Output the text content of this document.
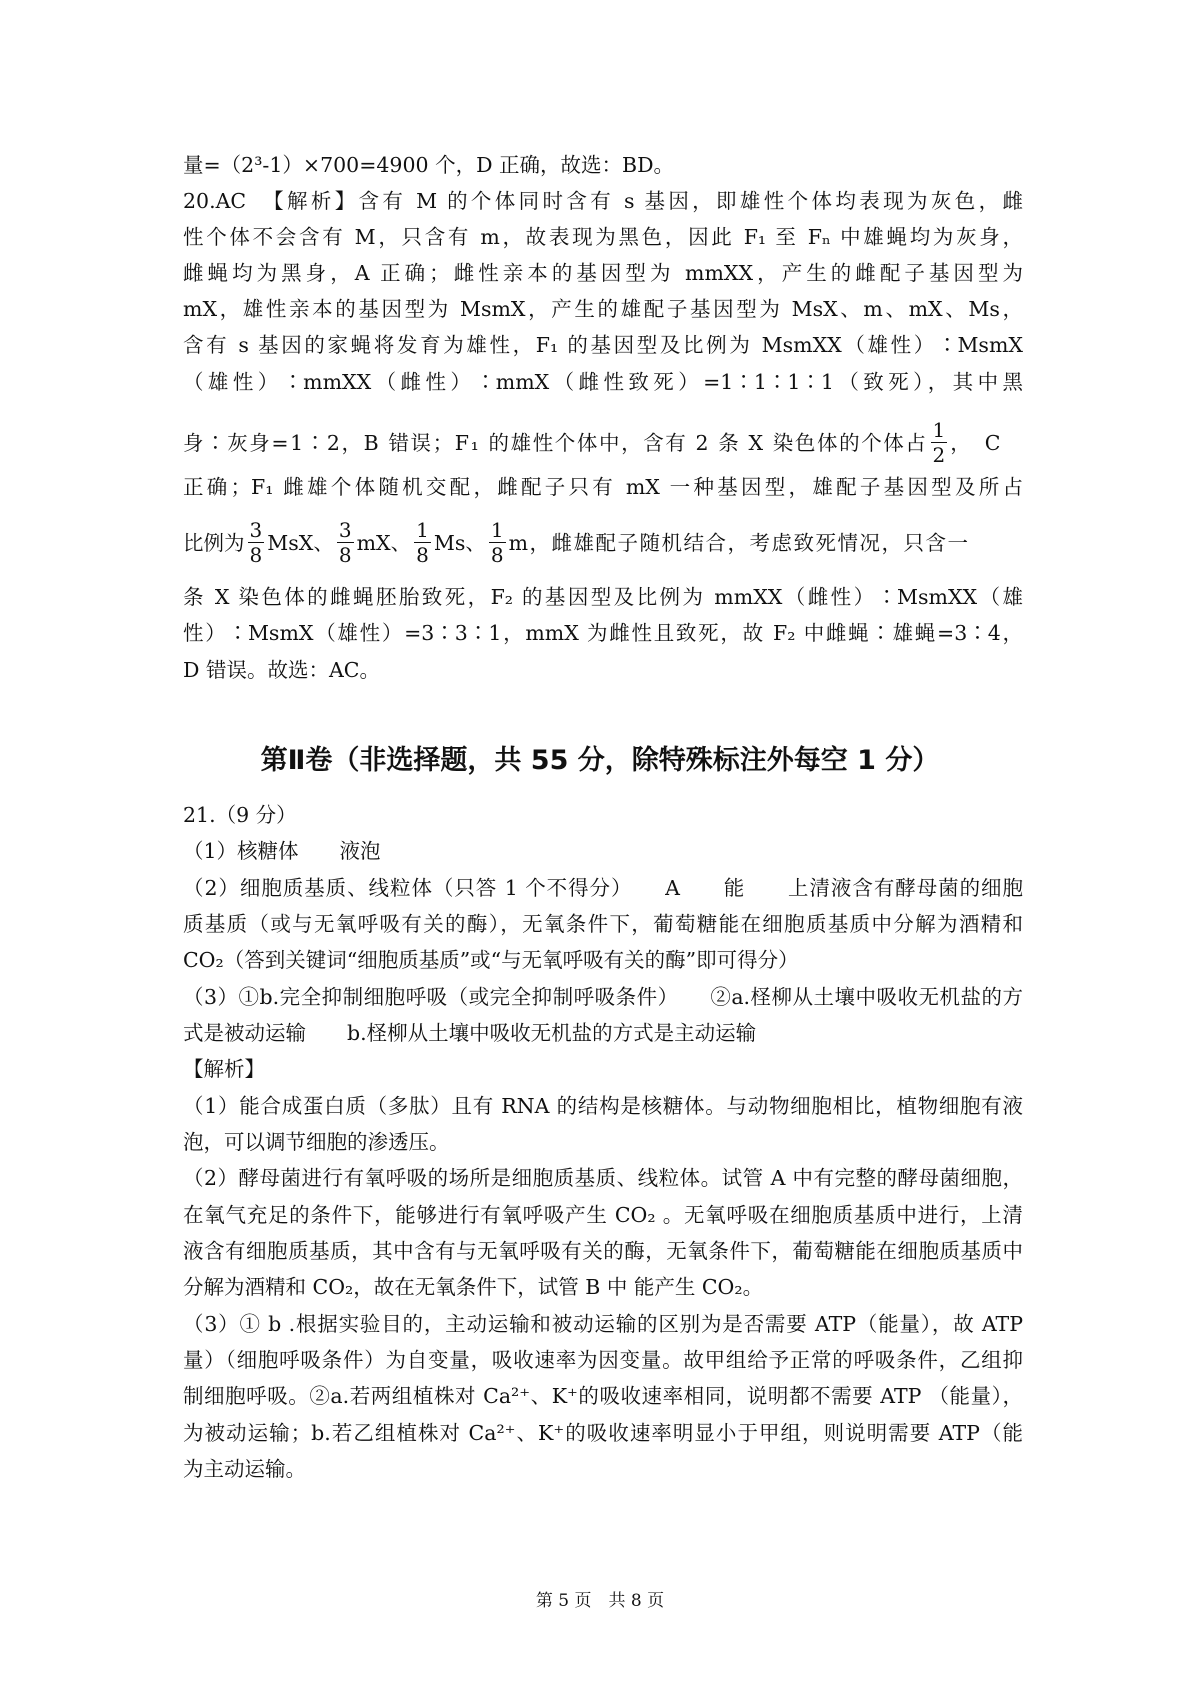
量=（2³-1）×700=4900 个，D 正确，故选：BD。
20.AC　【解析】含有 M 的个体同时含有 s 基因，即雄性个体均表现为灰色，雌
性个体不会含有 M，只含有 m，故表现为黑色，因此 F₁ 至 Fₙ 中雄蝇均为灰身，
雌蝇均为黑身，A 正确；雌性亲本的基因型为 mmXX，产生的雌配子基因型为
mX，雄性亲本的基因型为 MsmX，产生的雄配子基因型为 MsX、m、mX、Ms，
含有 s 基因的家蝇将发育为雄性，F₁ 的基因型及比例为 MsmXX（雄性）∶MsmX
（雄性）∶mmXX（雌性）∶mmX（雌性致死）=1∶1∶1∶1（致死），其中黑
身∶灰身=1∶2，B 错误；F₁ 的雄性个体中，含有 2 条 X 染色体的个体占 $\frac{1}{2}$ ，C
正确；F₁ 雌雄个体随机交配，雌配子只有 mX 一种基因型，雄配子基因型及所占
比例为 $\frac{3}{8}$ MsX、 $\frac{3}{8}$ mX、 $\frac{1}{8}$ Ms、 $\frac{1}{8}$ m，雌雄配子随机结合，考虑致死情况，只含一
条 X 染色体的雌蝇胚胎致死，F₂ 的基因型及比例为 mmXX（雌性）∶MsmXX（雄
性）∶MsmX（雄性）=3∶3∶1，mmX 为雌性且致死，故 F₂ 中雌蝇∶雄蝇=3∶4，
D 错误。故选：AC。
第Ⅱ卷（非选择题，共 55 分，除特殊标注外每空 1 分）
21.（9 分）
（1）核糖体　　液泡
（2）细胞质基质、线粒体（只答 1 个不得分）　　A　　能　　上清液含有酵母菌的细胞
质基质（或与无氧呼吸有关的酶），无氧条件下，葡萄糖能在细胞质基质中分解为酒精和
CO₂（答到关键词“细胞质基质”或“与无氧呼吸有关的酶”即可得分）
（3）①b.完全抑制细胞呼吸（或完全抑制呼吸条件）　　②a.柽柳从土壤中吸收无机盐的方
式是被动运输　　b.柽柳从土壤中吸收无机盐的方式是主动运输
【解析】
（1）能合成蛋白质（多肽）且有 RNA 的结构是核糖体。与动物细胞相比，植物细胞有液
泡，可以调节细胞的渗透压。
（2）酵母菌进行有氧呼吸的场所是细胞质基质、线粒体。试管 A 中有完整的酵母菌细胞，
在氧气充足的条件下，能够进行有氧呼吸产生 CO₂ 。无氧呼吸在细胞质基质中进行，上清
液含有细胞质基质，其中含有与无氧呼吸有关的酶，无氧条件下，葡萄糖能在细胞质基质中
分解为酒精和 CO₂，故在无氧条件下，试管 B 中 能产生 CO₂。
（3）① b .根据实验目的，主动运输和被动运输的区别为是否需要 ATP（能量），故 ATP
量）（细胞呼吸条件）为自变量，吸收速率为因变量。故甲组给予正常的呼吸条件，乙组抑
制细胞呼吸。②a.若两组植株对 Ca²⁺、K⁺的吸收速率相同，说明都不需要 ATP （能量），
为被动运输；b.若乙组植株对 Ca²⁺、K⁺的吸收速率明显小于甲组，则说明需要 ATP（能
为主动运输。
第 5 页　共 8 页
